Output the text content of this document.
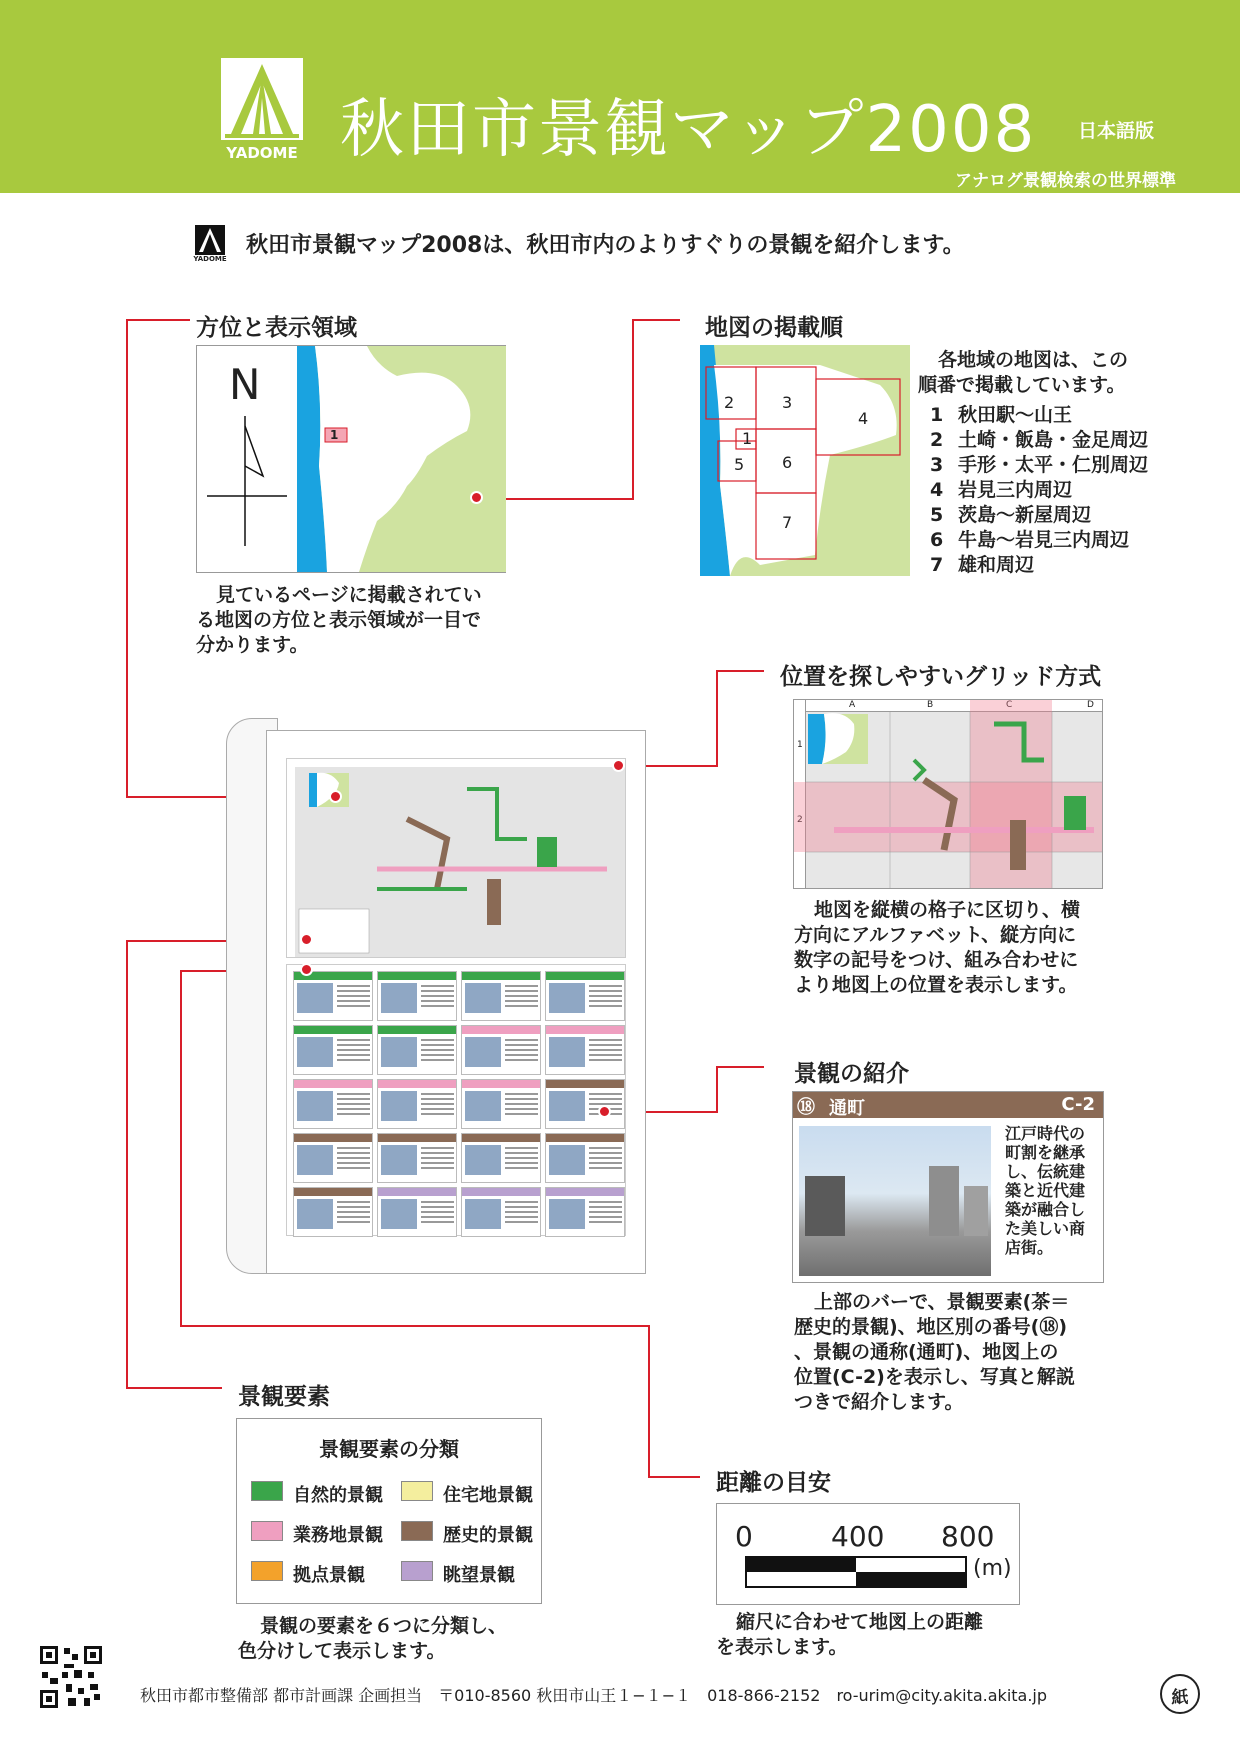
YADOME 秋田市景観マップ2008 日本語版
アナログ景観検索の世界標準
YADOME
秋田市景観マップ2008は、秋田市内のよりすぐりの景観を紹介します。
方位と表示領域
1
N
見ているページに掲載されてい
る地図の方位と表示領域が一目で
分かります。
地図の掲載順
2	3
4
1
5 6
7
各地域の地図は、この
順番で掲載しています。
1 秋田駅〜山王
2 土崎・飯島・金足周辺
3 手形・太平・仁別周辺
4 岩見三内周辺
5 茨島〜新屋周辺
6 牛島〜岩見三内周辺
7 雄和周辺
位置を探しやすいグリッド方式
A	B	C	D
1
2
地図を縦横の格子に区切り、横
方向にアルファベット、縦方向に
数字の記号をつけ、組み合わせに
より地図上の位置を表示します。
景観の紹介
⑱ 通町	C-2
江戸時代の
町割を継承
し、伝統建
築と近代建
築が融合し
た美しい商
店街。
上部のバーで、景観要素(茶＝
歴史的景観)、地区別の番号(⑱)
、景観の通称(通町)、地図上の
位置(C-2)を表示し、写真と解説
つきで紹介します。
景観要素
景観要素の分類
自然的景観	住宅地景観
業務地景観	歴史的景観
拠点景観	眺望景観
景観の要素を６つに分類し、
色分けして表示します。
距離の目安
0	400 800
(m)
縮尺に合わせて地図上の距離
を表示します。
秋田市都市整備部 都市計画課 企画担当　〒010-8560 秋田市山王１−１−１　018-866-2152　ro-urim@city.akita.akita.jp	紙
